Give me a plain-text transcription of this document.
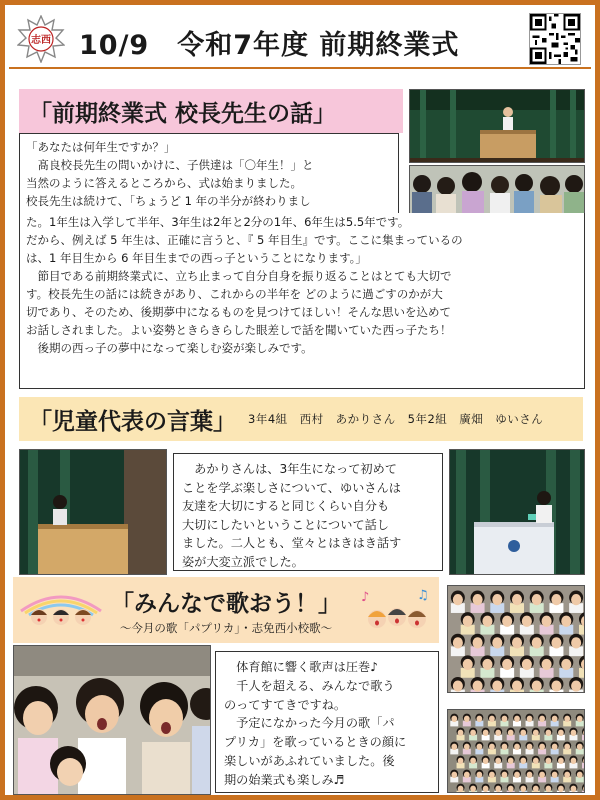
志西 10/9　令和7年度 前期終業式
「前期終業式 校長先生の話」

「あなたは何年生ですか？」

　髙良校長先生の問いかけに、子供達は「〇年生！」と

当然のように答えるところから、式は始まりました。

校長先生は続けて、「ちょうど 1 年の半分が終わりまし

た。1年生は入学して半年、3年生は2年と2分の1年、6年生は5.5年です。

だから、例えば 5 年生は、正確に言うと、『 5 年目生』です。ここに集まっているの

は、1 年目生から 6 年目生までの西っ子ということになります。」

　節目である前期終業式に、立ち止まって自分自身を振り返ることはとても大切で

す。校長先生の話には続きがあり、これからの半年を どのように過ごすのかが大

切であり、そのため、後期夢中になるものを見つけてほしい！そんな思いを込めて

お話しされました。よい姿勢ときらきらした眼差しで話を聞いていた西っ子たち！

　後期の西っ子の夢中になって楽しむ姿が楽しみです。

「児童代表の言葉」 3年4組　西村　あかりさん　5年2組　廣畑　ゆいさん

　あかりさんは、3年生になって初めて

ことを学ぶ楽しさについて、ゆいさんは

友達を大切にすると同じくらい自分も

大切にしたいということについて話し

ました。二人とも、堂々とはきはき話す

姿が大変立派でした。

「みんなで歌おう！」
～今月の歌「パプリカ」・志免西小校歌～
♪	♫

　体育館に響く歌声は圧巻♪

　千人を超える、みんなで歌う

のってすてきですね。

　予定になかった今月の歌「パ

プリカ」を歌っているときの顔に

楽しいがあふれていました。後

期の始業式も楽しみ♬
